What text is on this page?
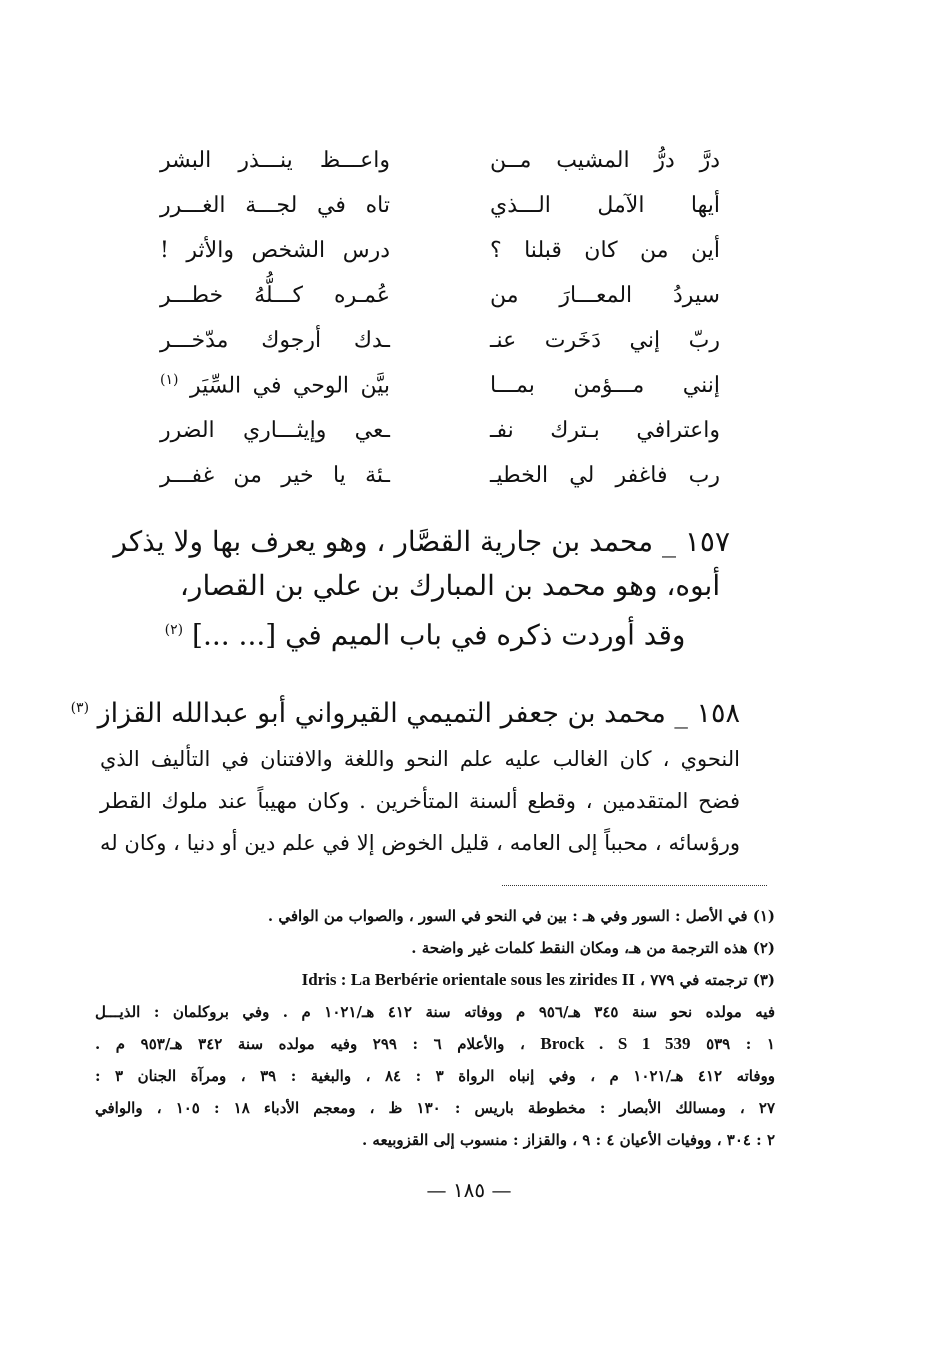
درَّ درُّ المشيب مــن
واعـــظ ينـــذر البشر
أيها الآمل الـــذي
تاه في لجـــة الغـــرر
أين من كان قبلنا ؟
درس الشخص والأثر !
سيردُ المعـــارَ من
عُمـره كـــلُّهُ خطـــر
ربّ إني دَخَرت عنـ
ـدك أرجوك مدّخـــر
إنني مـــؤمن بمـــا
بيَّن الوحي في السِّيَر $^{(١)}$
واعترافي بـترك نفـ
ـعي وإيثـــاري الضرر
رب فاغفر لي الخطيـ
ـئة يا خير من غفـــر
١٥٧ _ محمد بن جارية القصَّار ، وهو يعرف بها ولا يذكر
أبوه، وهو محمد بن المبارك بن علي بن القصار،
وقد أوردت ذكره في باب الميم في [... ...] $^{(٢)}$
١٥٨ _ محمد بن جعفر التميمي القيرواني أبو عبدالله القزاز $^{(٣)}$
النحوي ، كان الغالب عليه علم النحو واللغة والافتنان في التأليف الذي
فضح المتقدمين ، وقطع ألسنة المتأخرين . وكان مهيباً عند ملوك القطر
ورؤسائه ، محبباً إلى العامه ، قليل الخوض إلا في علم دين أو دنيا ، وكان له
(١) في الأصل : السور وفي هـ : بين في النحو في السور ، والصواب من الوافي .
(٢) هذه الترجمة من هـ، ومكان النقط كلمات غير واضحة .
(٣) ترجمته في ٧٧٩ ، Idris : La Berbérie orientale sous les zirides II
فيه مولده نحو سنة ٣٤٥ هـ/٩٥٦ م ووفاته سنة ٤١٢ هـ/١٠٢١ م . وفي بروكلمان : الذيـــل
١ : ٥٣٩ Brock . S 1 539 ، والأعلام ٦ : ٢٩٩ وفيه مولده سنة ٣٤٢ هـ/٩٥٣ م .
ووفاته ٤١٢ هـ/١٠٢١ م ، وفي إنباه الرواة ٣ : ٨٤ ، والبغية : ٣٩ ، ومرآة الجنان ٣ :
٢٧ ، ومسالك الأبصار : مخطوطة باريس : ١٣٠ ظ ، ومعجم الأدباء ١٨ : ١٠٥ ، والوافي
٢ : ٣٠٤ ، ووفيات الأعيان ٤ : ٩ ، والقزاز : منسوب إلى القزوبيعه .
— ١٨٥ —
